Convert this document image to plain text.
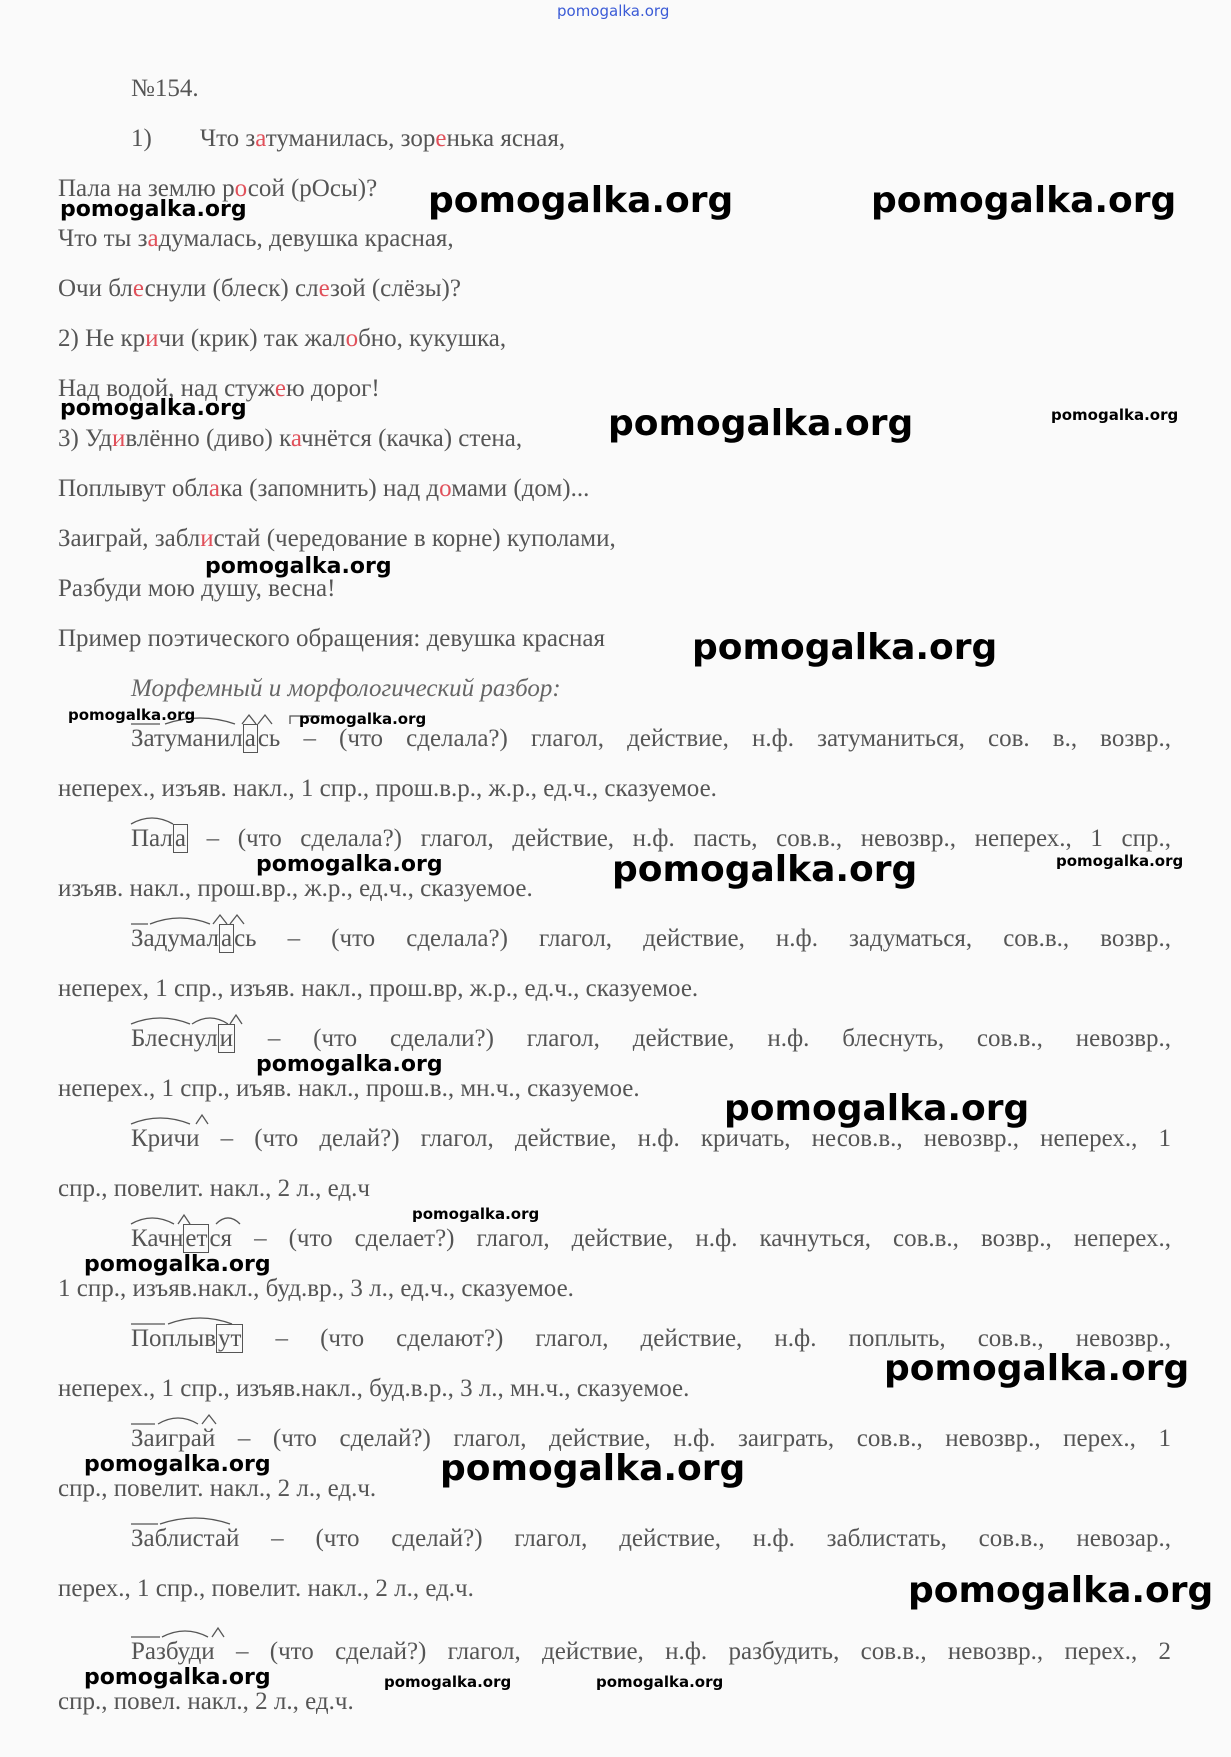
pomogalka.org
№154.
1) Что затуманилась, зоренька ясная,
Пала на землю росой (рОсы)?
Что ты задумалась, девушка красная,
Очи блеснули (блеск) слезой (слёзы)?
2) Не кричи (крик) так жалобно, кукушка,
Над водой, над стужею дорог!
3) Удивлённо (диво) качнётся (качка) стена,
Поплывут облака (запомнить) над домами (дом)...
Заиграй, заблистай (чередование в корне) куполами,
Разбуди мою душу, весна!
Пример поэтического обращения: девушка красная
Морфемный и морфологический разбор:
Затуманилась – (что сделала?) глагол, действие, н.ф. затуманиться, сов. в., возвр.,
неперех., изъяв. накл., 1 спр., прош.в.р., ж.р., ед.ч., сказуемое.
Пала – (что сделала?) глагол, действие, н.ф. пасть, сов.в., невозвр., неперех., 1 спр.,
изъяв. накл., прош.вр., ж.р., ед.ч., сказуемое.
Задумалась – (что сделала?) глагол, действие, н.ф. задуматься, сов.в., возвр.,
неперех, 1 спр., изъяв. накл., прош.вр, ж.р., ед.ч., сказуемое.
Блеснули – (что сделали?) глагол, действие, н.ф. блеснуть, сов.в., невозвр.,
неперех., 1 спр., иъяв. накл., прош.в., мн.ч., сказуемое.
Кричи – (что делай?) глагол, действие, н.ф. кричать, несов.в., невозвр., неперех., 1
спр., повелит. накл., 2 л., ед.ч
Качнется – (что сделает?) глагол, действие, н.ф. качнуться, сов.в., возвр., неперех.,
1 спр., изъяв.накл., буд.вр., 3 л., ед.ч., сказуемое.
Поплывут – (что сделают?) глагол, действие, н.ф. поплыть, сов.в., невозвр.,
неперех., 1 спр., изъяв.накл., буд.в.р., 3 л., мн.ч., сказуемое.
Заиграй – (что сделай?) глагол, действие, н.ф. заиграть, сов.в., невозвр., перех., 1
спр., повелит. накл., 2 л., ед.ч.
Заблистай – (что сделай?) глагол, действие, н.ф. заблистать, сов.в., невозар.,
перех., 1 спр., повелит. накл., 2 л., ед.ч.
Разбуди – (что сделай?) глагол, действие, н.ф. разбудить, сов.в., невозвр., перех., 2
спр., повел. накл., 2 л., ед.ч.
pomogalka.org	pomogalka.org	pomogalka.org
pomogalka.org	pomogalka.org	pomogalka.org
pomogalka.org
pomogalka.org
pomogalka.org	pomogalka.org
pomogalka.org	pomogalka.org	pomogalka.org
pomogalka.org
pomogalka.org
pomogalka.org
pomogalka.org
pomogalka.org
pomogalka.org	pomogalka.org
pomogalka.org
pomogalka.org	pomogalka.org	pomogalka.org
